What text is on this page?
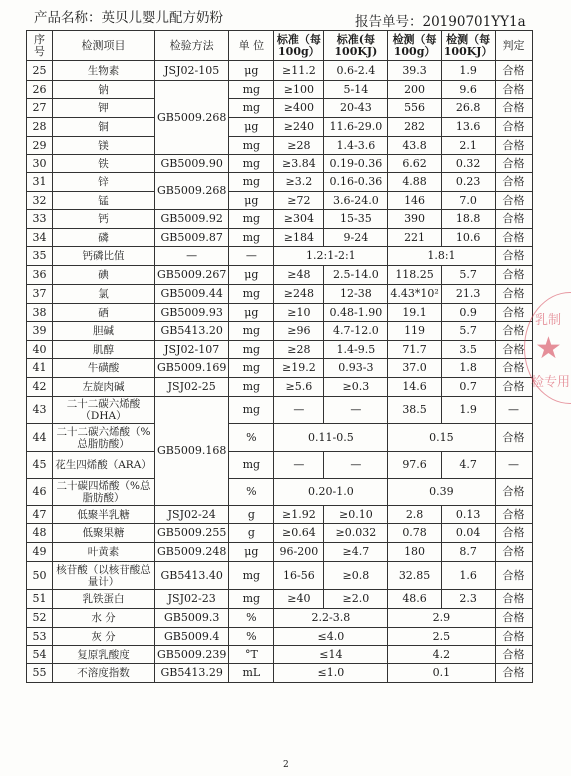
产品名称：英贝儿婴儿配方奶粉	报告单号：20190701YY1a
序号	检测项目	检验方法	单 位	标准（每100g）	标准(每100KJ)	检测（每100g）	检测（每100KJ）	判定
25	生物素	JSJ02-105	μg	≥11.2	0.6-2.4	39.3	1.9	合格
26	钠	GB5009.268	mg	≥100	5-14	200	9.6	合格
27	钾		mg	≥400	20-43	556	26.8	合格
28	铜		μg	≥240	11.6-29.0	282	13.6	合格
29	镁		mg	≥28	1.4-3.6	43.8	2.1	合格
30	铁	GB5009.90	mg	≥3.84	0.19-0.36	6.62	0.32	合格
31	锌	GB5009.268	mg	≥3.2	0.16-0.36	4.88	0.23	合格
32	锰		μg	≥72	3.6-24.0	146	7.0	合格
33	钙	GB5009.92	mg	≥304	15-35	390	18.8	合格
34	磷	GB5009.87	mg	≥184	9-24	221	10.6	合格
35	钙磷比值	—	—	1.2:1-2:1		1.8:1		合格
36	碘	GB5009.267	μg	≥48	2.5-14.0	118.25	5.7	合格
37	氯	GB5009.44	mg	≥248	12-38	4.43*10²	21.3	合格
38	硒	GB5009.93	μg	≥10	0.48-1.90	19.1	0.9	合格
39	胆碱	GB5413.20	mg	≥96	4.7-12.0	119	5.7	合格
40	肌醇	JSJ02-107	mg	≥28	1.4-9.5	71.7	3.5	合格
41	牛磺酸	GB5009.169	mg	≥19.2	0.93-3	37.0	1.8	合格
42	左旋肉碱	JSJ02-25	mg	≥5.6	≥0.3	14.6	0.7	合格
43	二十二碳六烯酸（DHA）	GB5009.168	mg	—	—	38.5	1.9	—
44	二十二碳六烯酸（%总脂肪酸）		%	0.11-0.5		0.15		合格
45	花生四烯酸（ARA）		mg	—	—	97.6	4.7	—
46	二十碳四烯酸（%总脂肪酸）		%	0.20-1.0		0.39		合格
47	低聚半乳糖	JSJ02-24	g	≥1.92	≥0.10	2.8	0.13	合格
48	低聚果糖	GB5009.255	g	≥0.64	≥0.032	0.78	0.04	合格
49	叶黄素	GB5009.248	μg	96-200	≥4.7	180	8.7	合格
50	核苷酸（以核苷酸总量计）	GB5413.40	mg	16-56	≥0.8	32.85	1.6	合格
51	乳铁蛋白	JSJ02-23	mg	≥40	≥2.0	48.6	2.3	合格
52	水 分	GB5009.3	%	2.2-3.8		2.9		合格
53	灰 分	GB5009.4	%	≤4.0		2.5		合格
54	复原乳酸度	GB5009.239	°T	≤14		4.2		合格
55	不溶度指数	GB5413.29	mL	≤1.0		0.1		合格
乳制
★
检专用
2
